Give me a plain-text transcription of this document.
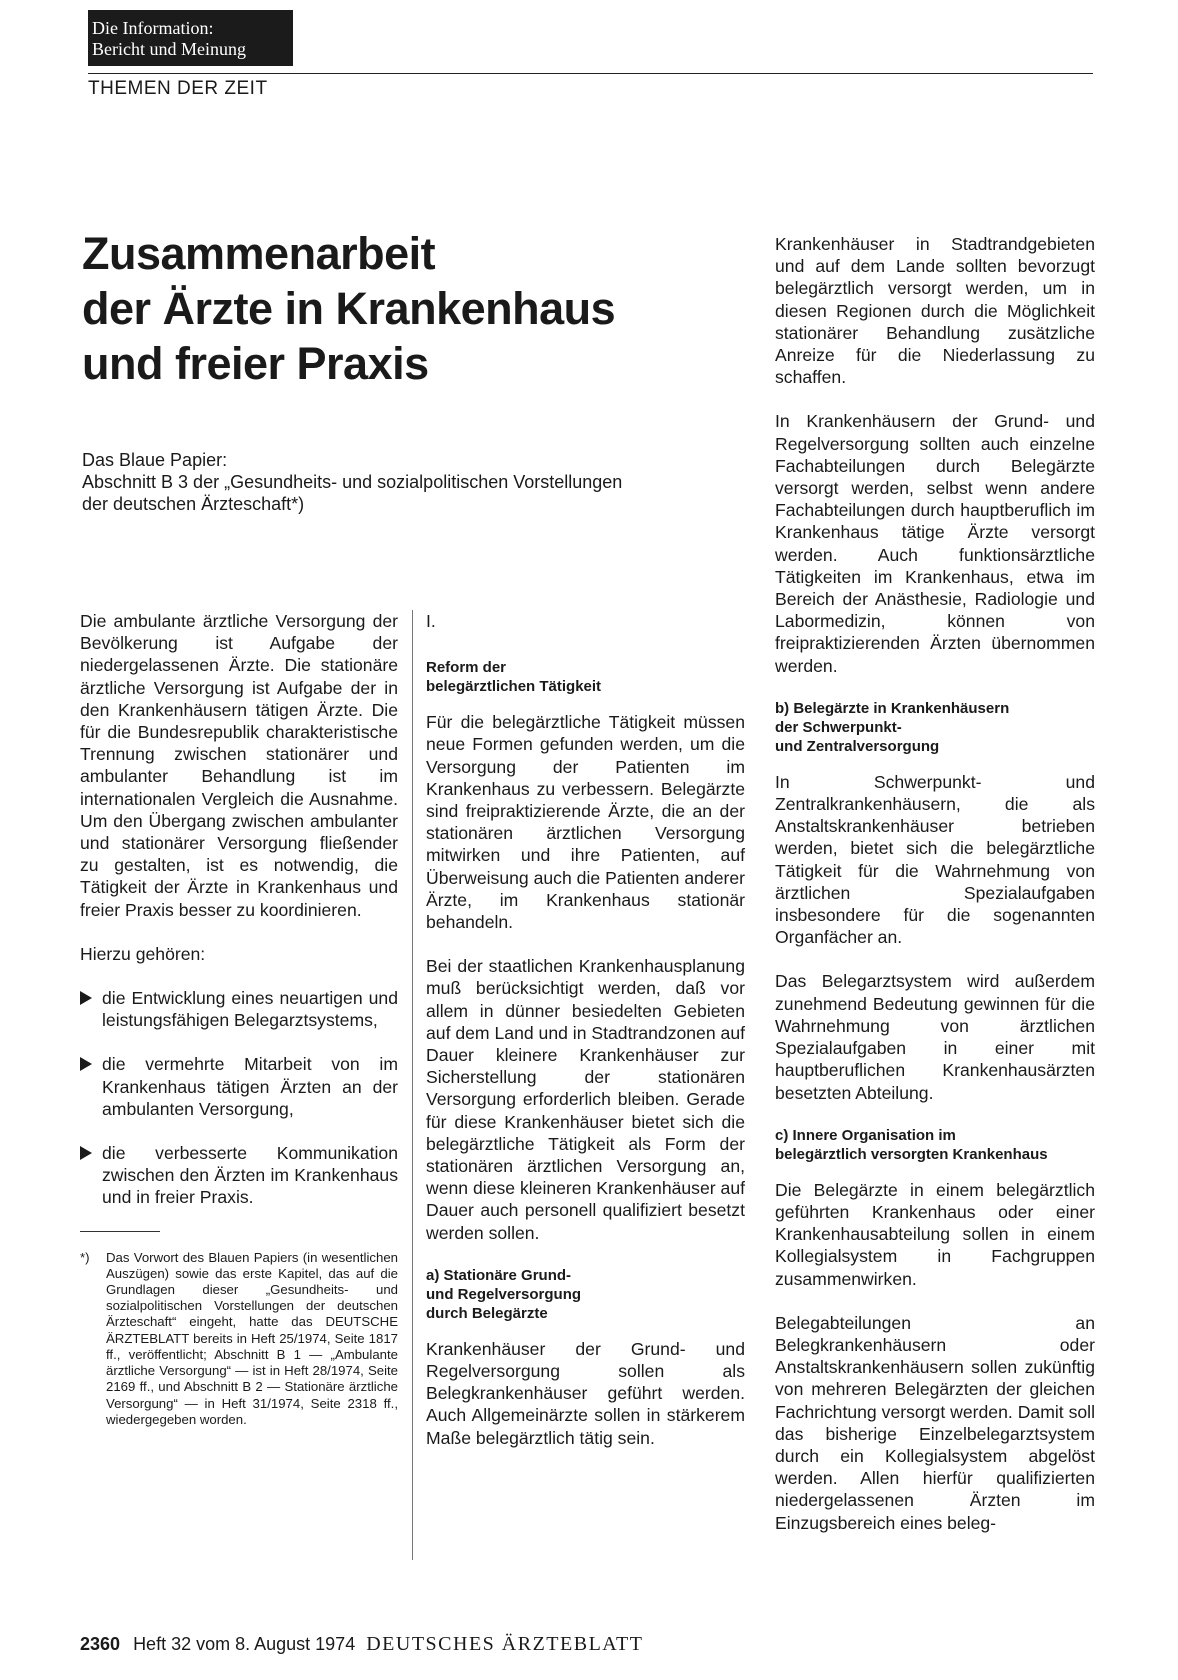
Die Information:
Bericht und Meinung
THEMEN DER ZEIT
Zusammenarbeit
der Ärzte in Krankenhaus
und freier Praxis
Das Blaue Papier:
Abschnitt B 3 der „Gesundheits- und sozialpolitischen Vorstellungen
der deutschen Ärzteschaft*)

Die ambulante ärztliche Versorgung der Bevölkerung ist Aufgabe der niedergelassenen Ärzte. Die stationäre ärztliche Versorgung ist Aufgabe der in den Krankenhäusern tätigen Ärzte. Die für die Bundesrepublik charakteristische Trennung zwischen stationärer und ambulanter Behandlung ist im internationalen Vergleich die Ausnahme. Um den Übergang zwischen ambulanter und stationärer Versorgung fließender zu gestalten, ist es notwendig, die Tätigkeit der Ärzte in Krankenhaus und freier Praxis besser zu koordinieren.

Hierzu gehören:

die Entwicklung eines neuartigen und leistungsfähigen Belegarztsystems,
die vermehrte Mitarbeit von im Krankenhaus tätigen Ärzten an der ambulanten Versorgung,
die verbesserte Kommunikation zwischen den Ärzten im Krankenhaus und in freier Praxis.
*)	Das Vorwort des Blauen Papiers (in wesentlichen Auszügen) sowie das erste Kapitel, das auf die Grundlagen dieser „Gesundheits- und sozialpolitischen Vorstellungen der deutschen Ärzteschaft“ eingeht, hatte das DEUTSCHE ÄRZTEBLATT bereits in Heft 25/1974, Seite 1817 ff., veröffentlicht; Abschnitt B 1 — „Ambulante ärztliche Versorgung“ — ist in Heft 28/1974, Seite 2169 ff., und Abschnitt B 2 — Stationäre ärztliche Versorgung“ — in Heft 31/1974, Seite 2318 ff., wiedergegeben worden.

I.

Reform der
belegärztlichen Tätigkeit

Für die belegärztliche Tätigkeit müssen neue Formen gefunden werden, um die Versorgung der Patienten im Krankenhaus zu verbessern. Belegärzte sind freipraktizierende Ärzte, die an der stationären ärztlichen Versorgung mitwirken und ihre Patienten, auf Überweisung auch die Patienten anderer Ärzte, im Krankenhaus stationär behandeln.

Bei der staatlichen Krankenhausplanung muß berücksichtigt werden, daß vor allem in dünner besiedelten Gebieten auf dem Land und in Stadtrandzonen auf Dauer kleinere Krankenhäuser zur Sicherstellung der stationären Versorgung erforderlich bleiben. Gerade für diese Krankenhäuser bietet sich die belegärztliche Tätigkeit als Form der stationären ärztlichen Versorgung an, wenn diese kleineren Krankenhäuser auf Dauer auch personell qualifiziert besetzt werden sollen.

a) Stationäre Grund-
und Regelversorgung
durch Belegärzte

Krankenhäuser der Grund- und Regelversorgung sollen als Belegkrankenhäuser geführt werden. Auch Allgemeinärzte sollen in stärkerem Maße belegärztlich tätig sein.

Krankenhäuser in Stadtrandgebieten und auf dem Lande sollten bevorzugt belegärztlich versorgt werden, um in diesen Regionen durch die Möglichkeit stationärer Behandlung zusätzliche Anreize für die Niederlassung zu schaffen.

In Krankenhäusern der Grund- und Regelversorgung sollten auch einzelne Fachabteilungen durch Belegärzte versorgt werden, selbst wenn andere Fachabteilungen durch hauptberuflich im Krankenhaus tätige Ärzte versorgt werden. Auch funktionsärztliche Tätigkeiten im Krankenhaus, etwa im Bereich der Anästhesie, Radiologie und Labormedizin, können von freipraktizierenden Ärzten übernommen werden.

b) Belegärzte in Krankenhäusern
der Schwerpunkt-
und Zentralversorgung

In Schwerpunkt- und Zentralkrankenhäusern, die als Anstaltskrankenhäuser betrieben werden, bietet sich die belegärztliche Tätigkeit für die Wahrnehmung von ärztlichen Spezialaufgaben insbesondere für die sogenannten Organfächer an.

Das Belegarztsystem wird außerdem zunehmend Bedeutung gewinnen für die Wahrnehmung von ärztlichen Spezialaufgaben in einer mit hauptberuflichen Krankenhausärzten besetzten Abteilung.

c) Innere Organisation im
belegärztlich versorgten Krankenhaus

Die Belegärzte in einem belegärztlich geführten Krankenhaus oder einer Krankenhausabteilung sollen in einem Kollegialsystem in Fachgruppen zusammenwirken.

Belegabteilungen an Belegkrankenhäusern oder Anstaltskrankenhäusern sollen zukünftig von mehreren Belegärzten der gleichen Fachrichtung versorgt werden. Damit soll das bisherige Einzelbelegarztsystem durch ein Kollegialsystem abgelöst werden. Allen hierfür qualifizierten niedergelassenen Ärzten im Einzugsbereich eines beleg-

2360 Heft 32 vom 8. August 1974 DEUTSCHES ÄRZTEBLATT
